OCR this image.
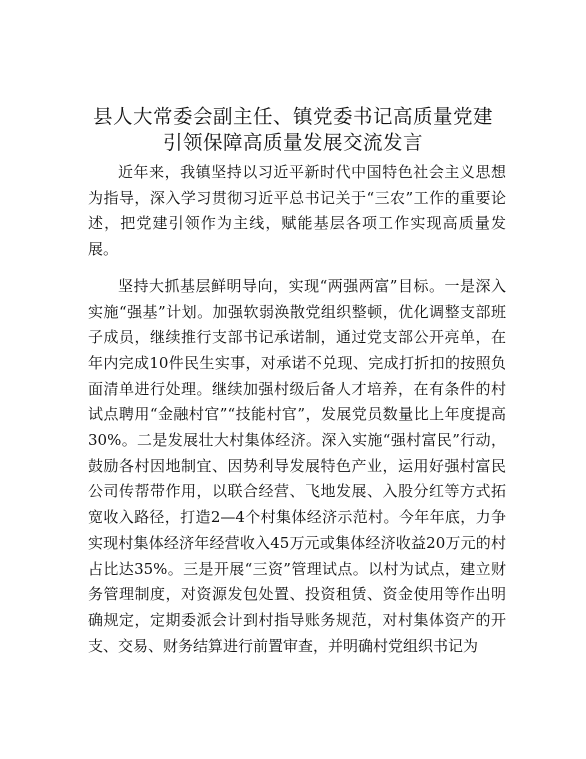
县人大常委会副主任、镇党委书记高质量党建
引领保障高质量发展交流发言

近年来，我镇坚持以习近平新时代中国特色社会主义思想为指导，深入学习贯彻习近平总书记关于“三农”工作的重要论述，把党建引领作为主线，赋能基层各项工作实现高质量发展。

坚持大抓基层鲜明导向，实现“两强两富”目标。一是深入实施“强基”计划。加强软弱涣散党组织整顿，优化调整支部班子成员，继续推行支部书记承诺制，通过党支部公开亮单，在年内完成10件民生实事，对承诺不兑现、完成打折扣的按照负面清单进行处理。继续加强村级后备人才培养，在有条件的村试点聘用“金融村官”“技能村官”，发展党员数量比上年度提高30%。二是发展壮大村集体经济。深入实施“强村富民”行动，鼓励各村因地制宜、因势利导发展特色产业，运用好强村富民公司传帮带作用，以联合经营、飞地发展、入股分红等方式拓宽收入路径，打造2—4个村集体经济示范村。今年年底，力争实现村集体经济年经营收入45万元或集体经济收益20万元的村占比达35%。三是开展“三资”管理试点。以村为试点，建立财务管理制度，对资源发包处置、投资租赁、资金使用等作出明确规定，定期委派会计到村指导账务规范，对村集体资产的开支、交易、财务结算进行前置审查，并明确村党组织书记为
